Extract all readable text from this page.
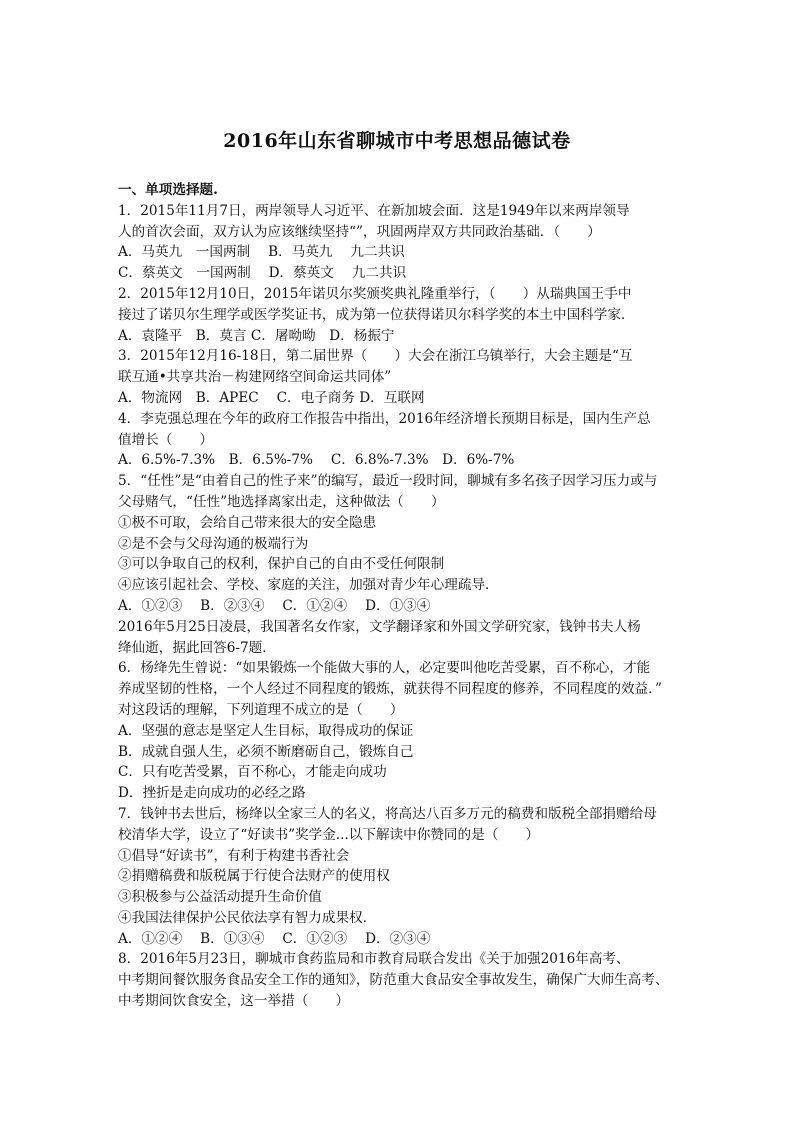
2016年山东省聊城市中考思想品德试卷
一、单项选择题.
1．2015年11月7日，两岸领导人习近平、在新加坡会面．这是1949年以来两岸领导
人的首次会面，双方认为应该继续坚持“”，巩固两岸双方共同政治基础．（　　）
A．马英九　一国两制　 B．马英九　 九二共识
C．蔡英文　一国两制　 D．蔡英文　 九二共识
2．2015年12月10日，2015年诺贝尔奖颁奖典礼隆重举行，（　　）从瑞典国王手中
接过了诺贝尔生理学或医学奖证书，成为第一位获得诺贝尔科学奖的本土中国科学家．
A．袁隆平　B．莫言 C．屠呦呦　D．杨振宁
3．2015年12月16-18日，第二届世界（　　）大会在浙江乌镇举行，大会主题是“互
联互通•共享共治－构建网络空间命运共同体”
A．物流网　B．APEC　 C．电子商务 D．互联网
4．李克强总理在今年的政府工作报告中指出，2016年经济增长预期目标是，国内生产总
值增长（　　）
A．6.5%-7.3%　B．6.5%-7%　 C．6.8%-7.3%　D．6%-7%
5．“任性”是“由着自己的性子来”的编写，最近一段时间，聊城有多名孩子因学习压力或与
父母赌气，“任性”地选择离家出走，这种做法（　　）
①极不可取，会给自己带来很大的安全隐患
②是不会与父母沟通的极端行为
③可以争取自己的权利，保护自己的自由不受任何限制
④应该引起社会、学校、家庭的关注，加强对青少年心理疏导．
A．①②③　 B．②③④　 C．①②④　 D．①③④
2016年5月25日凌晨，我国著名女作家，文学翻译家和外国文学研究家，钱钟书夫人杨
绛仙逝，据此回答6-7题．
6．杨绛先生曾说：“如果锻炼一个能做大事的人，必定要叫他吃苦受累，百不称心，才能
养成坚韧的性格，一个人经过不同程度的锻炼，就获得不同程度的修养，不同程度的效益．”
对这段话的理解，下列道理不成立的是（　　）
A．坚强的意志是坚定人生目标，取得成功的保证
B．成就自强人生，必须不断磨砺自己，锻炼自己
C．只有吃苦受累，百不称心，才能走向成功
D．挫折是走向成功的必经之路
7．钱钟书去世后，杨绛以全家三人的名义，将高达八百多万元的稿费和版税全部捐赠给母
校清华大学，设立了“好读书”奖学金...以下解读中你赞同的是（　　）
①倡导“好读书”，有利于构建书香社会
②捐赠稿费和版税属于行使合法财产的使用权
③积极参与公益活动提升生命价值
④我国法律保护公民依法享有智力成果权．
A．①②④　 B．①③④　 C．①②③　 D．②③④
8．2016年5月23日，聊城市食药监局和市教育局联合发出《关于加强2016年高考、
中考期间餐饮服务食品安全工作的通知》，防范重大食品安全事故发生，确保广大师生高考、
中考期间饮食安全，这一举措（　　）
